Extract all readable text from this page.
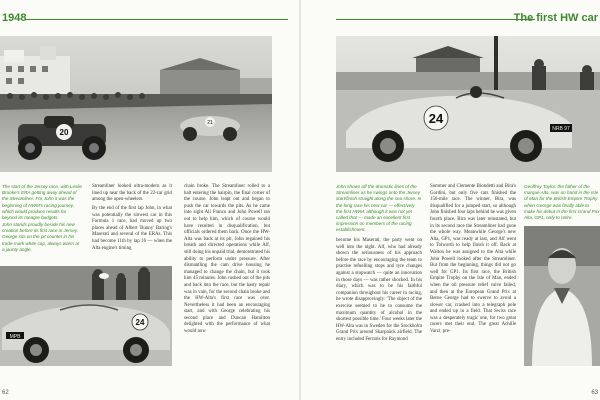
1948	The first HW car
20
21
The start of the Jersey race, with Leslie Brooke's ERA getting away ahead of the Streamliner. For John it was the beginning of HWM's racing journey, which would produce results far beyond its meagre budgets.
John stands proudly beside his new creation before its first race in Jersey. George sits on the pit counter in his trade-mark white cap, always warm at a jaunty angle.
Streamliner looked ultra-modern as it lined up near the back of the 22-car grid among the open-wheelers.
By the end of the first lap John, in what was potentially the slowest car in this Formula 1 race, had moved up two places ahead of Albert 'Bunny' Baring's Maserati and several of the ERAs. This had become 11th by lap 16 — when the Alta engine's timing
chain broke. The Streamliner rolled to a halt entering the hairpin, the final corner of the course. John leapt out and began to push the car towards the pits. As he came into sight Ali Franco and John Powell ran out to help him, which of course would have resulted in disqualification, but officials ordered them back. Once the HW-Alta was back at its pit, John regained his breath and directed operations while Alf, still doing his unpaid trial, demonstrated his ability to perform under pressure. After dismantling the cam drive housing he managed to change the chain, but it took him 45 minutes. John rushed out of the pits and back into the race, but the hasty repair was in vain, for the second chain broke and the HW-Alta's first race was over. Nevertheless it had been an encouraging start, and with George celebrating his second place and Duncan Hamilton delighted with the performance of what would now
24
MPB
24
NRB 97
John shows off the dramatic lines of the Streamliner as he swings onto the Jersey start/finish straight along the sea shore. In the long race his new car — effectively the first HWM, although it was not yet called that — made an excellent first impression on members of the racing establishment.
become his Maserati, the party went on well into the night. Alf, who had already shown the seriousness of his approach before the race by encouraging the team to practise refuelling stops and tyre changes against a stopwatch — quite an innovation in those days — was rather shocked. In his diary, which was to be his faithful companion throughout his career in racing, he wrote disapprovingly: 'The object of the exercise seemed to be to consume the maximum quantity of alcohol in the shortest possible time.' Four weeks later the HW-Alta was in Sweden for the Stockholm Grand Prix around Skarpnäck airfield. The entry included Ferraris for Raymond
Sommer and Clemente Biondetti and Bira's Gordini, but only five cars finished the 150-mile race. The winner, Bira, was disqualified for a jumped start, so although John finished four laps behind he was given fourth place. Bira was later reinstated, but in its second race the Streamliner had gone the whole way. Meanwhile George's new Alta, GP1, was ready at last, and Alf went to Tolworth to help finish it off. Back at Walton he was assigned to the Alta while John Powell looked after the Streamliner. But from the beginning, things did not go well for GP1. Its first race, the British Empire Trophy on the Isle of Man, ended when the oil pressure relief valve failed, and then at the European Grand Prix at Berne George had to swerve to avoid a slower car, crashed into a telegraph pole and ended up in a field. That Swiss race was a desperately tragic one, for two great racers met their end. The great Achille Varzi, pre-
Geoffrey Taylor, the father of the marque Alta, was on hand in the Isle of Man for the British Empire Trophy when George was finally able to make his debut in the first Grand Prix Alta, GP1, only to retire.
62	63
